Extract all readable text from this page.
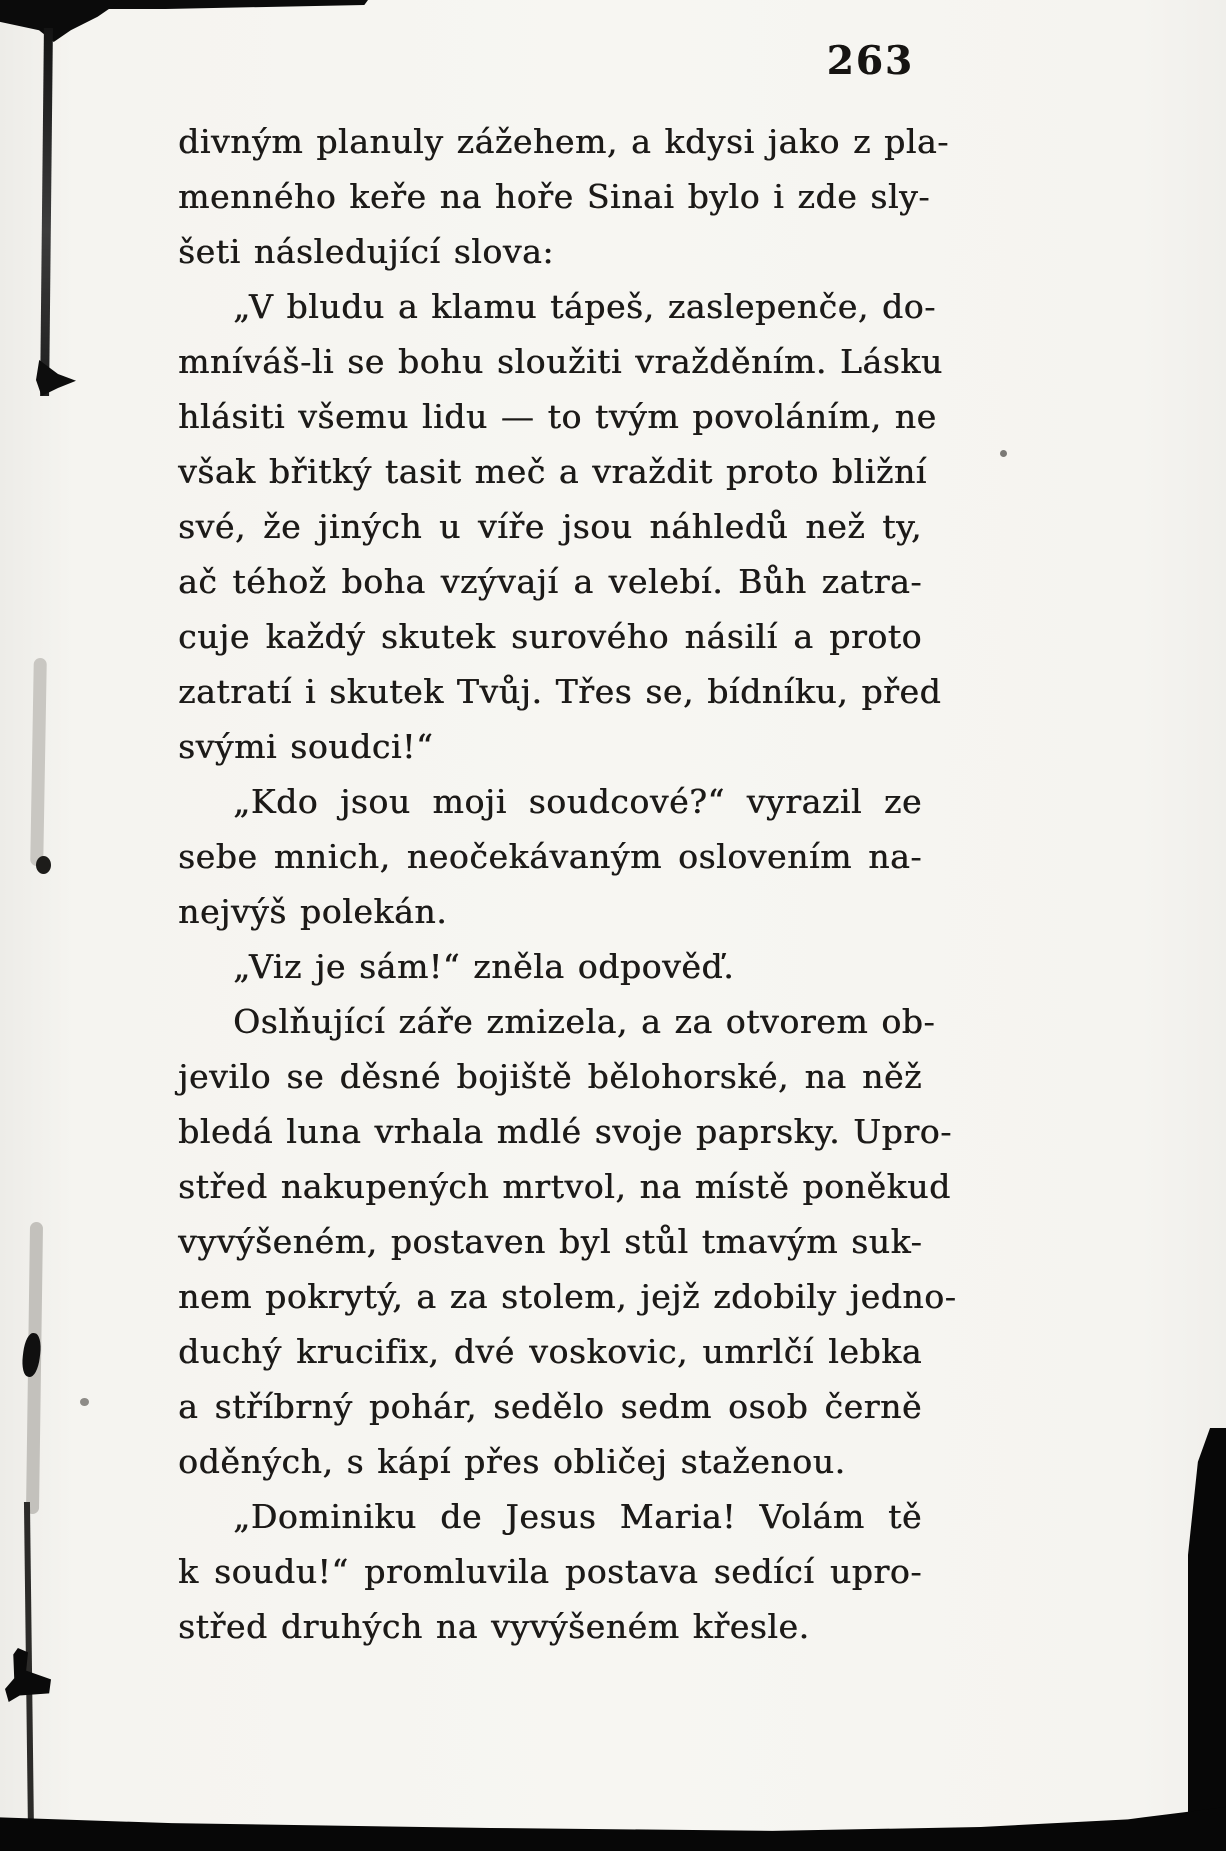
263
divným planuly zážehem, a kdysi jako z pla-
menného keře na hoře Sinai bylo i zde sly-
šeti následující slova:
„V bludu a klamu tápeš, zaslepenče, do-
mníváš-li se bohu sloužiti vražděním. Lásku
hlásiti všemu lidu — to tvým povoláním, ne
však břitký tasit meč a vraždit proto bližní
své, že jiných u víře jsou náhledů než ty,
ač téhož boha vzývají a velebí. Bůh zatra-
cuje každý skutek surového násilí a proto
zatratí i skutek Tvůj. Třes se, bídníku, před
svými soudci!“
„Kdo jsou moji soudcové?“ vyrazil ze
sebe mnich, neočekávaným oslovením na-
nejvýš polekán.
„Viz je sám!“ zněla odpověď.
Oslňující záře zmizela, a za otvorem ob-
jevilo se děsné bojiště bělohorské, na něž
bledá luna vrhala mdlé svoje paprsky. Upro-
střed nakupených mrtvol, na místě poněkud
vyvýšeném, postaven byl stůl tmavým suk-
nem pokrytý, a za stolem, jejž zdobily jedno-
duchý krucifix, dvé voskovic, umrlčí lebka
a stříbrný pohár, sedělo sedm osob černě
oděných, s kápí přes obličej staženou.
„Dominiku de Jesus Maria! Volám tě
k soudu!“ promluvila postava sedící upro-
střed druhých na vyvýšeném křesle.
